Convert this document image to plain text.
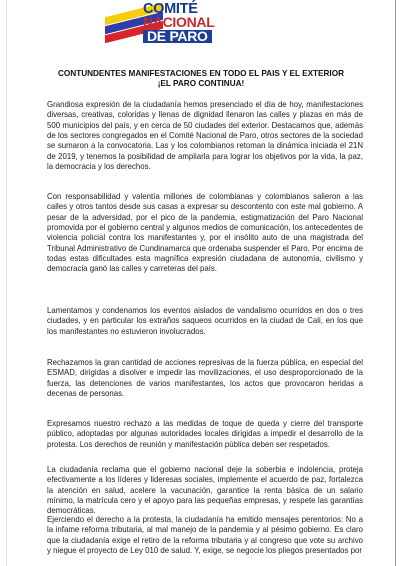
COMITÉ
NACIONAL
DE PARO
CONTUNDENTES MANIFESTACIONES EN TODO EL PAIS Y EL EXTERIOR
¡EL PARO CONTINUA!

Grandiosa expresión de la ciudadanía hemos presenciado el día de hoy, manifestaciones diversas, creativas, coloridas y llenas de dignidad llenaron las calles y plazas en más de 500 municipios del país, y en cerca de 50 ciudades del exterior. Destacamos que, además de los sectores congregados en el Comité Nacional de Paro, otros sectores de la sociedad se sumaron a la convocatoria. Las y los colombianos retoman la dinámica iniciada el 21N de 2019, y tenemos la posibilidad de ampliarla para lograr los objetivos por la vida, la paz, la democracia y los derechos.

Con responsabilidad y valentía millones de colombianas y colombianos salieron a las calles y otros tantos desde sus casas a expresar su descontento con este mal gobierno. A pesar de la adversidad, por el pico de la pandemia, estigmatización del Paro Nacional promovida por el gobierno central y algunos medios de comunicación, los antecedentes de violencia policial contra los manifestantes y, por el insólito auto de una magistrada del Tribunal Administrativo de Cundinamarca que ordenaba suspender el Paro. Por encima de todas estas dificultades esta magnífica expresión ciudadana de autonomía, civilismo y democracia ganó las calles y carreteras del país.

Lamentamos y condenamos los eventos aislados de vandalismo ocurridos en dos o tres ciudades, y en particular los extraños saqueos ocurridos en la ciudad de Cali, en los que los manifestantes no estuvieron involucrados.

Rechazamos la gran cantidad de acciones represivas de la fuerza pública, en especial del ESMAD, dirigidas a disolver e impedir las movilizaciones, el uso desproporcionado de la fuerza, las detenciones de varios manifestantes, los actos que provocaron heridas a decenas de personas.

Expresamos nuestro rechazo a las medidas de toque de queda y cierre del transporte público, adoptadas por algunas autoridades locales dirigidas a impedir el desarrollo de la protesta. Los derechos de reunión y manifestación pública deben ser respetados.

La ciudadanía reclama que el gobierno nacional deje la soberbia e indolencia, proteja efectivamente a los líderes y lideresas sociales, implemente el acuerdo de paz, fortalezca la atención en salud, acelere la vacunación, garantice la renta básica de un salario mínimo, la matrícula cero y el apoyo para las pequeñas empresas, y respete las garantías democráticas.

Ejerciendo el derecho a la protesta, la ciudadanía ha emitido mensajes perentorios: No a la infame reforma tributaria, al mal manejo de la pandemia y al pésimo gobierno. Es claro que la ciudadanía exige el retiro de la reforma tributaria y al congreso que vote su archivo y niegue el proyecto de Ley 010 de salud. Y, exige, se negocie los pliegos presentados por
